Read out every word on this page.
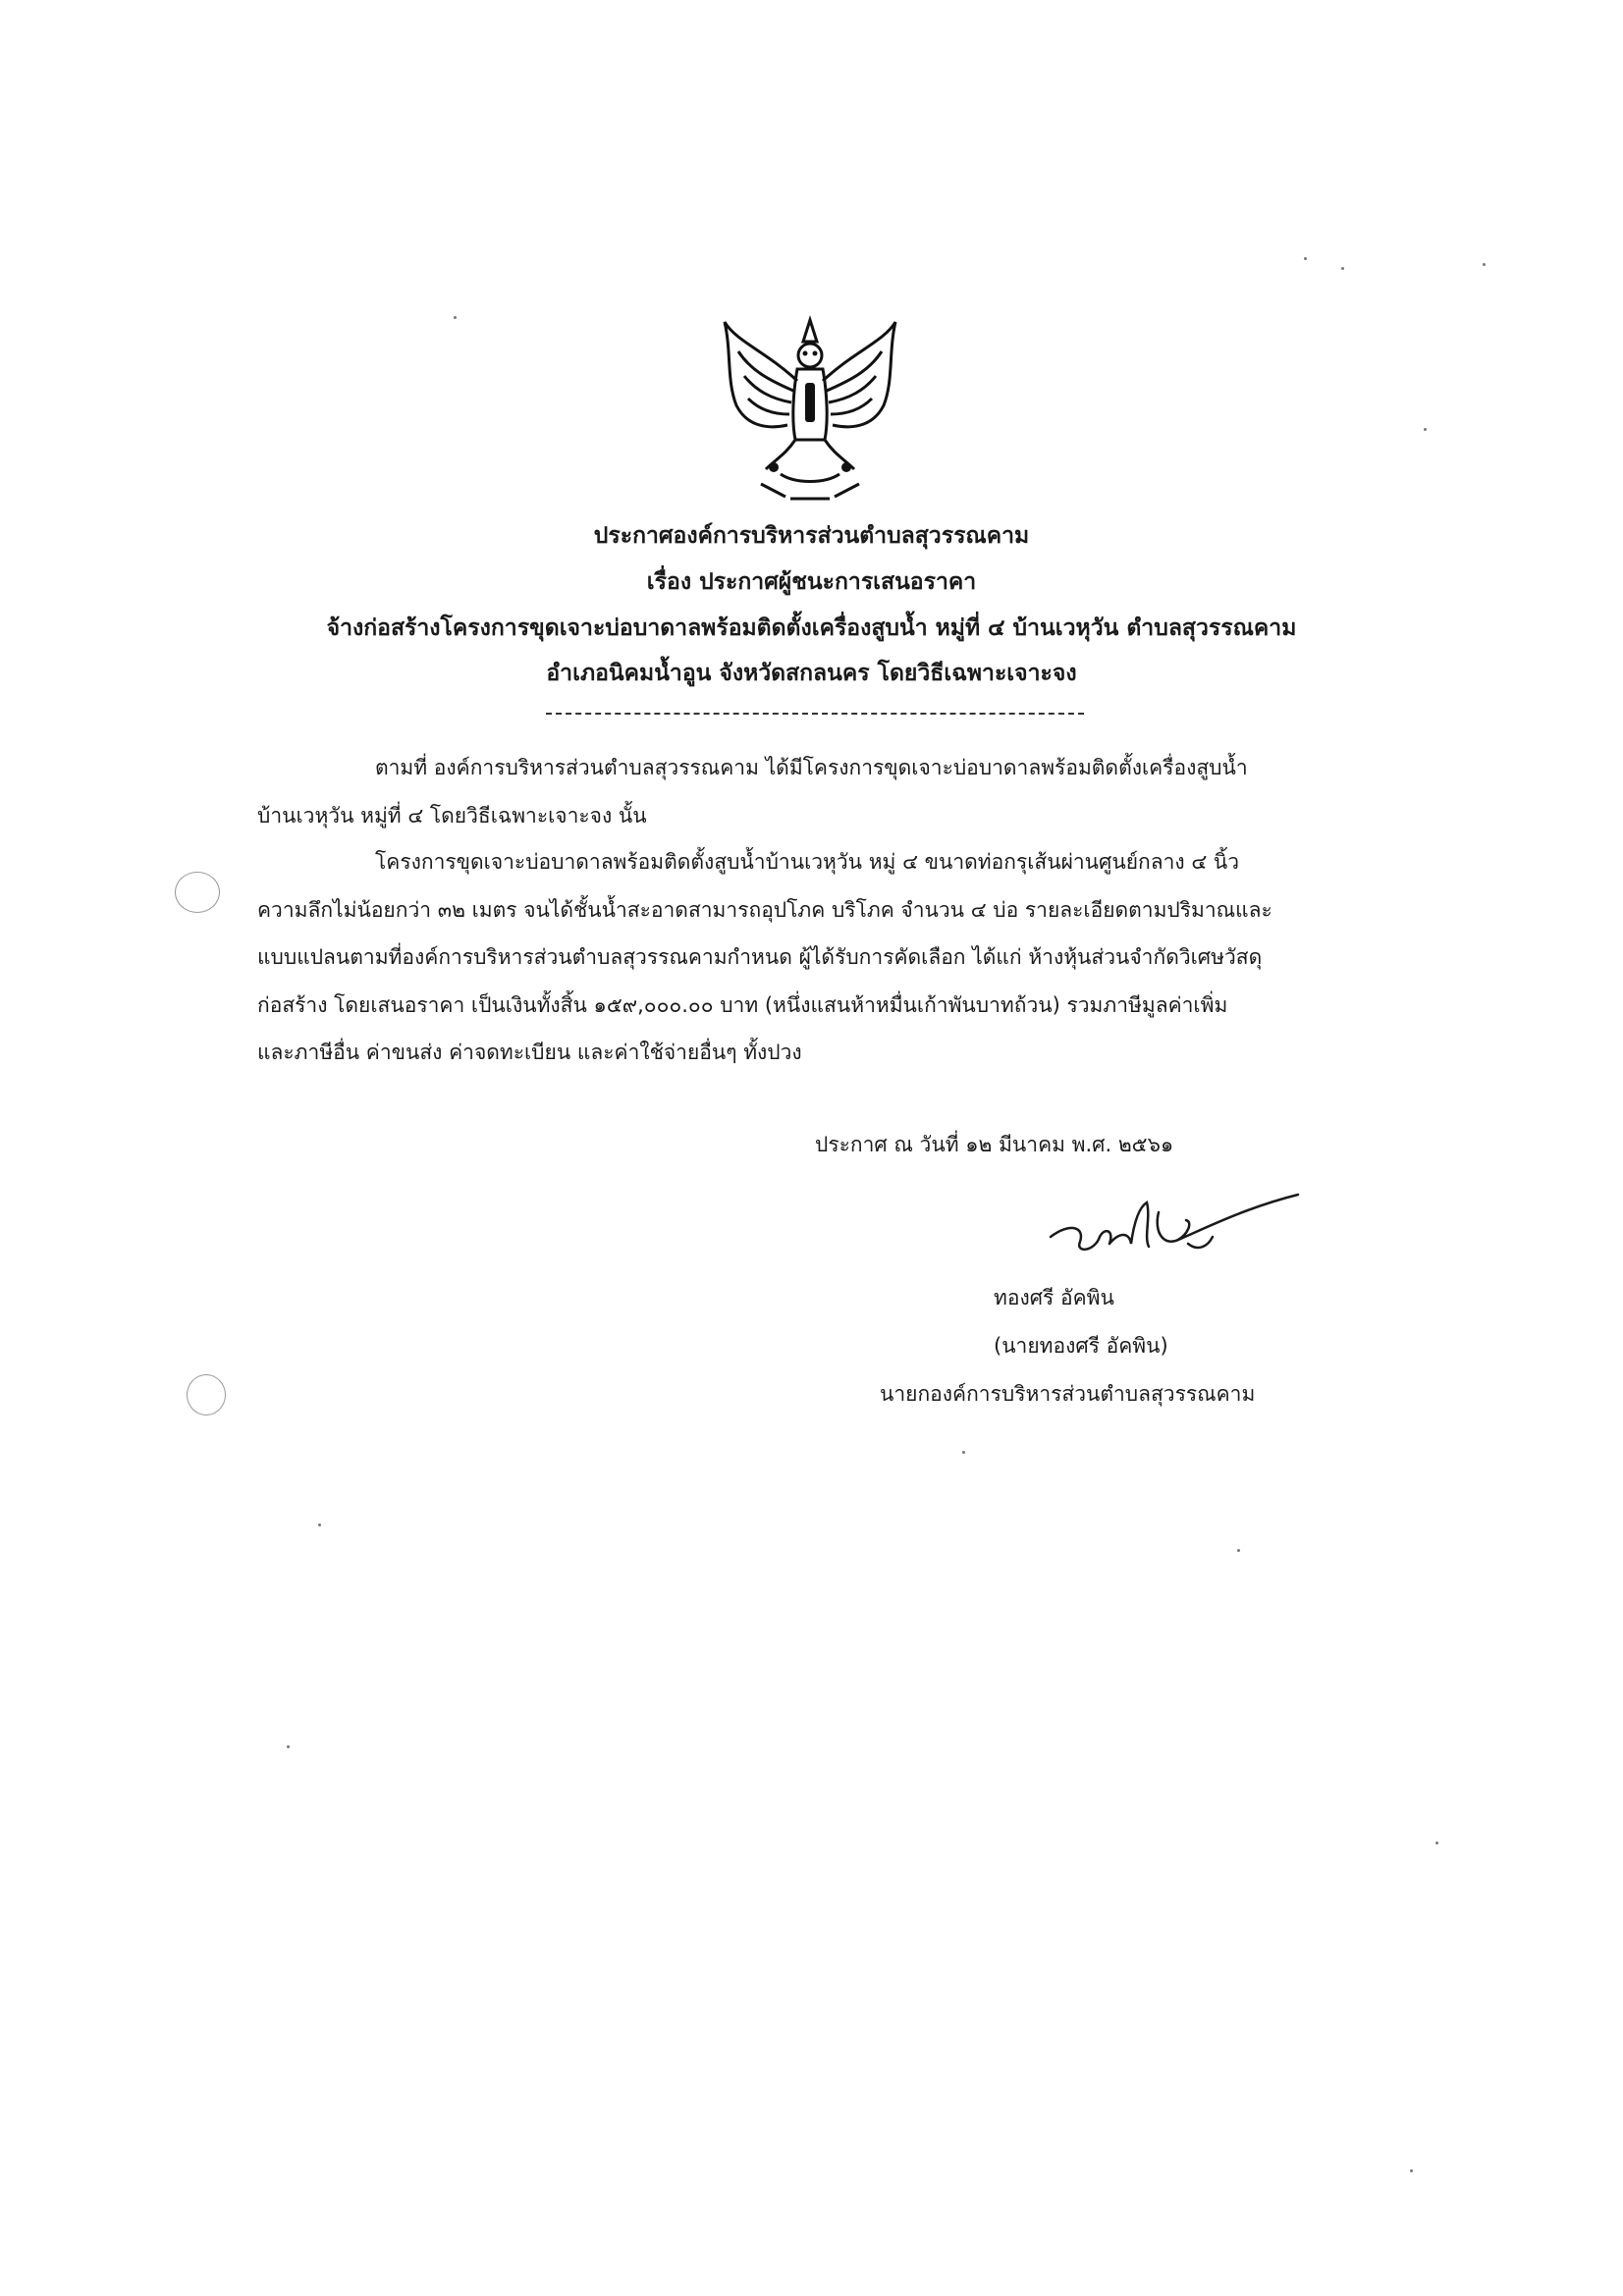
ประกาศองค์การบริหารส่วนตำบลสุวรรณคาม
เรื่อง ประกาศผู้ชนะการเสนอราคา
จ้างก่อสร้างโครงการขุดเจาะบ่อบาดาลพร้อมติดตั้งเครื่องสูบน้ำ หมู่ที่ ๔ บ้านเวหุวัน ตำบลสุวรรณคาม
อำเภอนิคมน้ำอูน จังหวัดสกลนคร โดยวิธีเฉพาะเจาะจง
ตามที่ องค์การบริหารส่วนตำบลสุวรรณคาม ได้มีโครงการขุดเจาะบ่อบาดาลพร้อมติดตั้งเครื่องสูบน้ำ
บ้านเวหุวัน หมู่ที่ ๔ โดยวิธีเฉพาะเจาะจง นั้น
โครงการขุดเจาะบ่อบาดาลพร้อมติดตั้งสูบน้ำบ้านเวหุวัน หมู่ ๔ ขนาดท่อกรุเส้นผ่านศูนย์กลาง ๔ นิ้ว
ความลึกไม่น้อยกว่า ๓๒ เมตร จนได้ชั้นน้ำสะอาดสามารถอุปโภค บริโภค จำนวน ๔ บ่อ รายละเอียดตามปริมาณและ
แบบแปลนตามที่องค์การบริหารส่วนตำบลสุวรรณคามกำหนด ผู้ได้รับการคัดเลือก ได้แก่ ห้างหุ้นส่วนจำกัดวิเศษวัสดุ
ก่อสร้าง โดยเสนอราคา เป็นเงินทั้งสิ้น ๑๕๙,๐๐๐.๐๐ บาท (หนึ่งแสนห้าหมื่นเก้าพันบาทถ้วน) รวมภาษีมูลค่าเพิ่ม
และภาษีอื่น ค่าขนส่ง ค่าจดทะเบียน และค่าใช้จ่ายอื่นๆ ทั้งปวง
ประกาศ ณ วันที่ ๑๒ มีนาคม พ.ศ. ๒๕๖๑
ทองศรี อัคพิน
(นายทองศรี อัคพิน)
นายกองค์การบริหารส่วนตำบลสุวรรณคาม
